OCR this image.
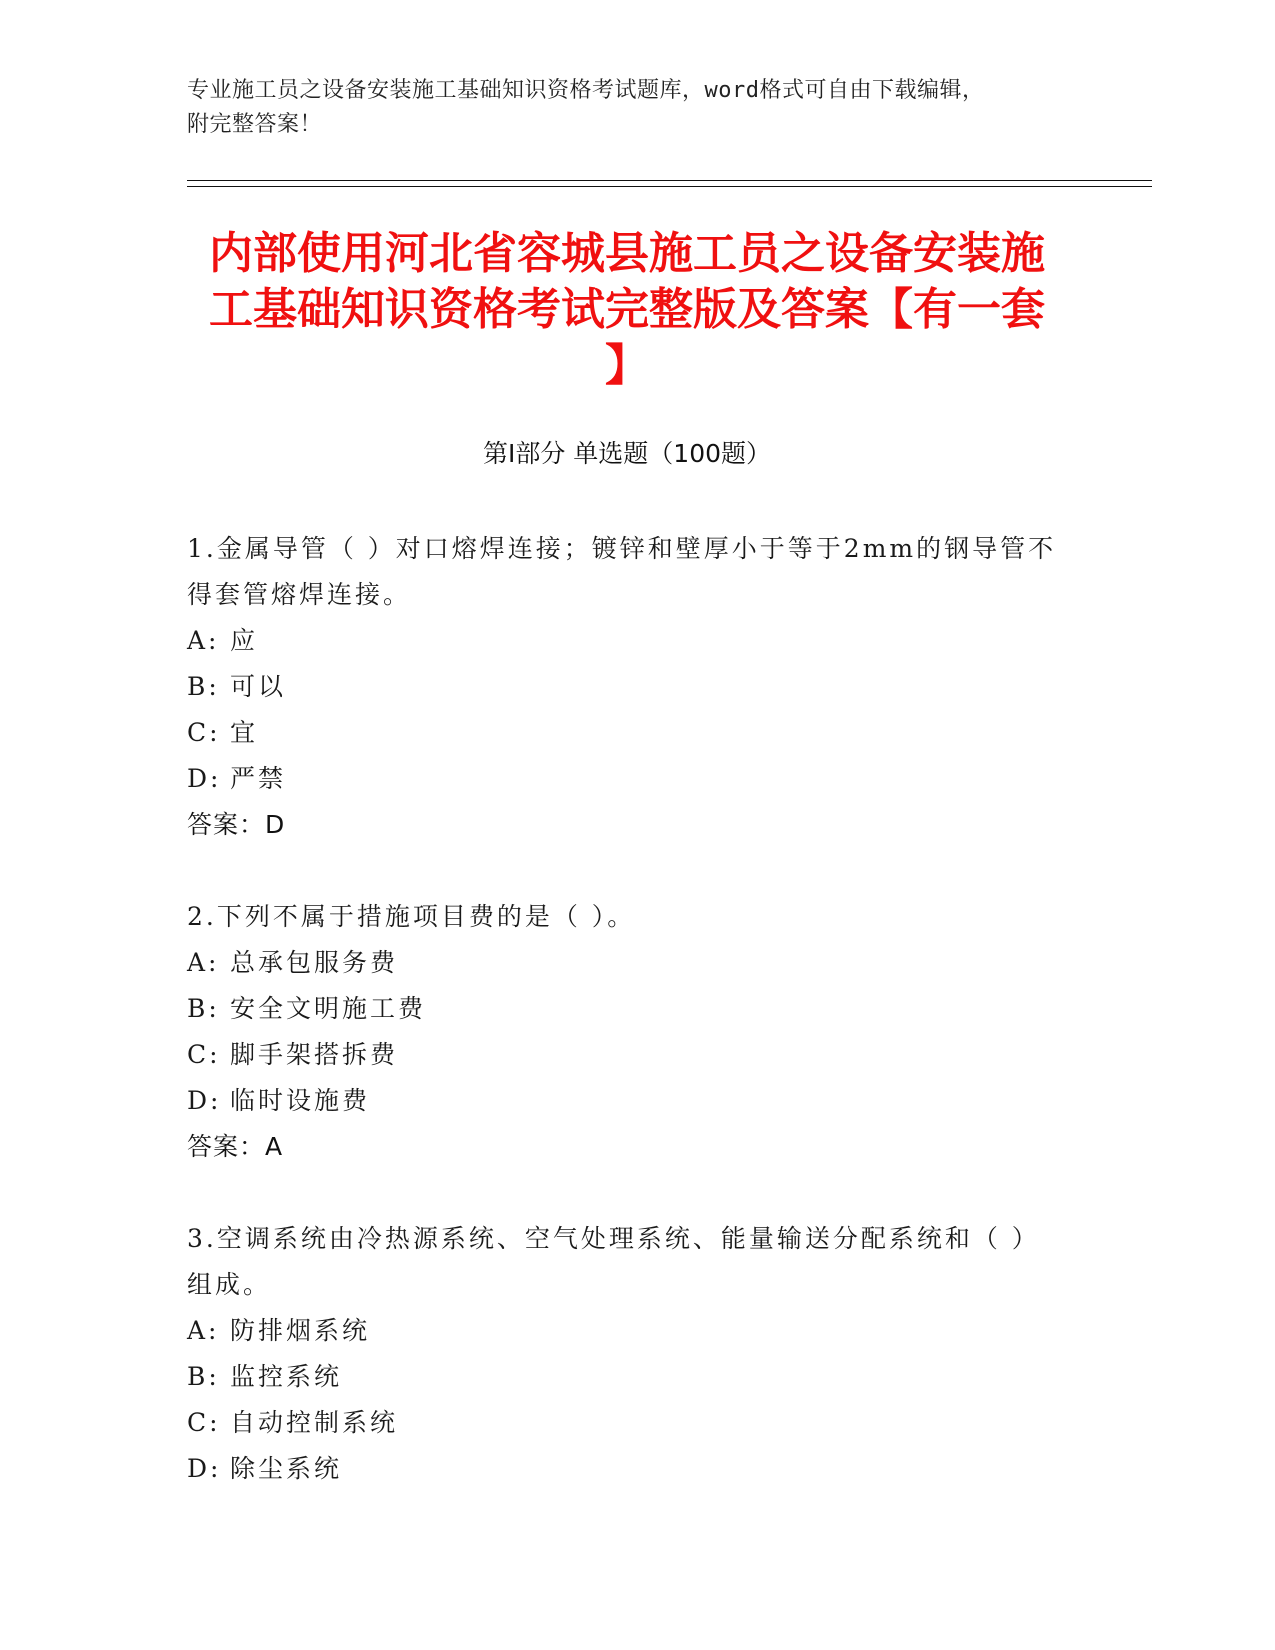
专业施工员之设备安装施工基础知识资格考试题库，word格式可自由下载编辑，
附完整答案！
内部使用河北省容城县施工员之设备安装施
工基础知识资格考试完整版及答案【有一套
】
第Ⅰ部分 单选题（100题）
1.金属导管（ ）对口熔焊连接；镀锌和壁厚小于等于2mm的钢导管不得套管熔焊连接。
A: 应
B: 可以
C: 宜
D: 严禁
答案：D
2.下列不属于措施项目费的是（ ）。
A: 总承包服务费
B: 安全文明施工费
C: 脚手架搭拆费
D: 临时设施费
答案：A
3.空调系统由冷热源系统、空气处理系统、能量输送分配系统和（ ）组成。
A: 防排烟系统
B: 监控系统
C: 自动控制系统
D: 除尘系统
